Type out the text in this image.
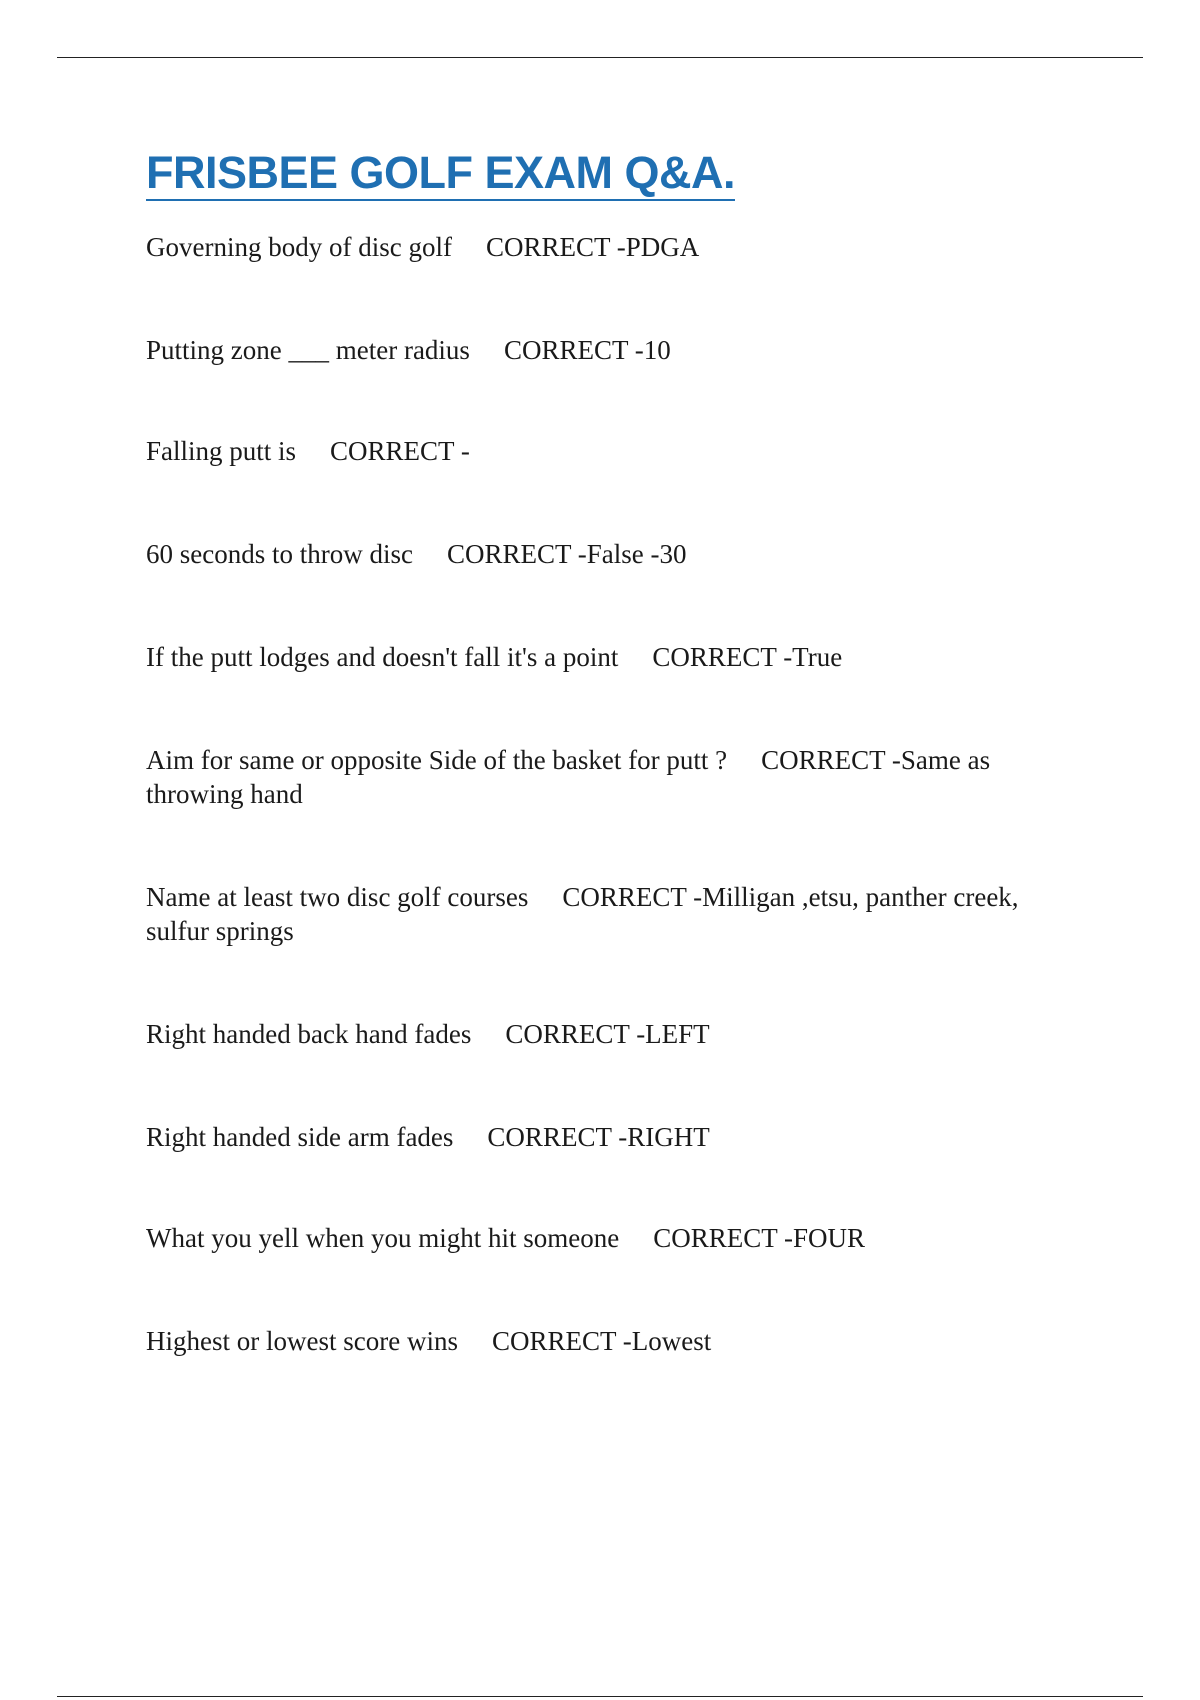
FRISBEE GOLF EXAM Q&A.

Governing body of disc golf CORRECT -PDGA

Putting zone ___ meter radius CORRECT -10

Falling putt is CORRECT -

60 seconds to throw disc CORRECT -False -30

If the putt lodges and doesn't fall it's a point CORRECT -True

Aim for same or opposite Side of the basket for putt ? CORRECT -Same as throwing hand

Name at least two disc golf courses CORRECT -Milligan ,etsu, panther creek, sulfur springs

Right handed back hand fades CORRECT -LEFT

Right handed side arm fades CORRECT -RIGHT

What you yell when you might hit someone CORRECT -FOUR

Highest or lowest score wins CORRECT -Lowest
